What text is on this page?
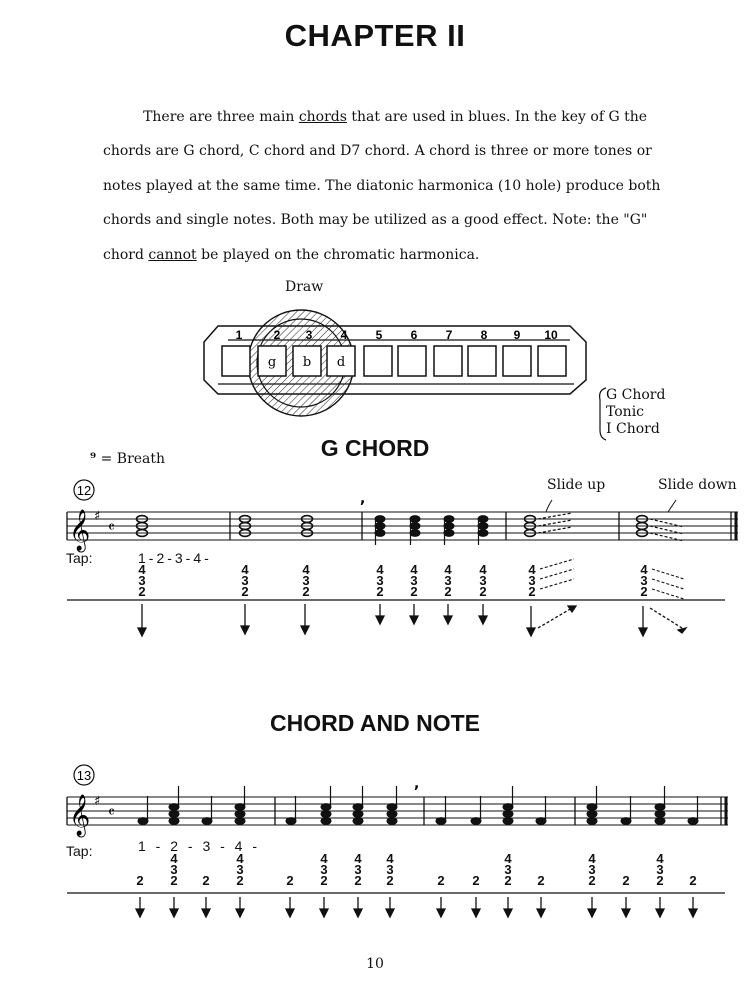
CHAPTER II

There are three main chords that are used in blues. In the key of G the

chords are G chord, C chord and D7 chord. A chord is three or more tones or

notes played at the same time. The diatonic harmonica (10 hole) produce both

chords and single notes. Both may be utilized as a good effect. Note: the "G"

chord cannot be played on the chromatic harmonica.

Draw
1	2 3 4 5 6 7 8 9 10
g b d
G Chord
Tonic
I Chord
G CHORD
⁹ = Breath
Slide up	Slide down
12
𝄞 ♯
𝄴
,
Tap:	1-2-3-4-
4
3
2
4
3
2
4
3
2
4
3
2
4
3
2
4
3
2
4
3
2
4
3
2
4
3
2
CHORD AND NOTE
13
𝄞 ♯
𝄴
,
Tap:	1 - 2 - 3 - 4 -
2
4
3
2	2
4
3
2	2
4
3
2
4
3
2
4
3
2	2	2
4
3
2	2
4
3
2	2
4
3
2	2
10
